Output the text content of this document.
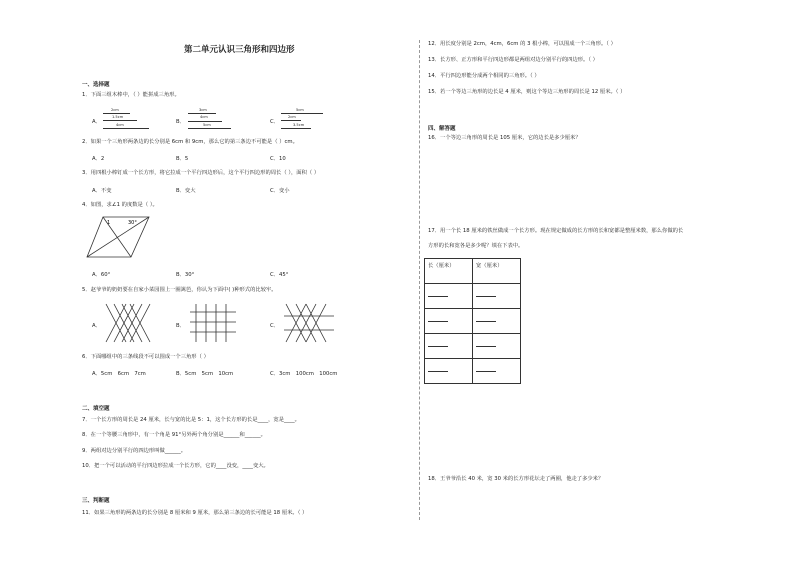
第二单元认识三角形和四边形
一、选择题
1．下面三组木棒中，（ ）能拼成三角形。
A．
2cm
1.5cm
4cm	B．
3cm
4cm
5cm	C．
5cm
2cm
3.5cm
2．如果一个三角形两条边的长分别是 6cm 和 9cm，那么它的第三条边不可能是（ ）cm。
A．2	B．5	C．10
3．用四根小棒钉成一个长方形，将它拉成一个平行四边形后，这个平行四边形的周长（ ），面积（ ）
A．不变	B．变大	C．变小
4．如图，求∠1 的度数是（ ）。
1	30°
A．60°	B．30°	C．45°
5．赵爷爷的奶奶要在自家小菜园围上一圈篱笆，你认为下面中( )种形式的比较牢。
A．	B．	C．
6．下面哪组中的三条线段不可以围成一个三角形（ ）
A．5cm　6cm　7cm	B．5cm　5cm　10cm	C．3cm　100cm　100cm
二、填空题
7．一个长方形的周长是 24 厘米，长与宽的比是 5：1，这个长方形的长是____，宽是____。
8．在一个等腰三角形中，有一个角是 91°另外两个角分别是______和______。
9．两组对边分别平行的四边形叫做______。
10．把一个可以活动的平行四边形拉成一个长方形，它的____没变，____变大。
三、判断题
11．如果三角形的两条边的长分别是 8 厘米和 9 厘米，那么第三条边的长可能是 18 厘米。（ ）
12．用长度分别是 2cm，4cm，6cm 的 3 根小棒，可以围成一个三角形。（ ）
13．长方形、正方形和平行四边形都是两组对边分别平行的四边形。（ ）
14．平行四边形能分成两个相同的三角形。（ ）
15．若一个等边三角形的边长是 4 厘米，则这个等边三角形的周长是 12 厘米。（ ）
四、解答题
16．一个等边三角形的周长是 105 厘米，它的边长是多少厘米？
17．用一个长 18 厘米的铁丝做成一个长方形。现在规定做成的长方形的长和宽都是整厘米数，那么你做的长
方形的长和宽各是多少呢？填在下表中。
长（厘米）	宽（厘米）

18．王爷爷沿长 40 米，宽 30 米的长方形花坛走了两圈，他走了多少米？
